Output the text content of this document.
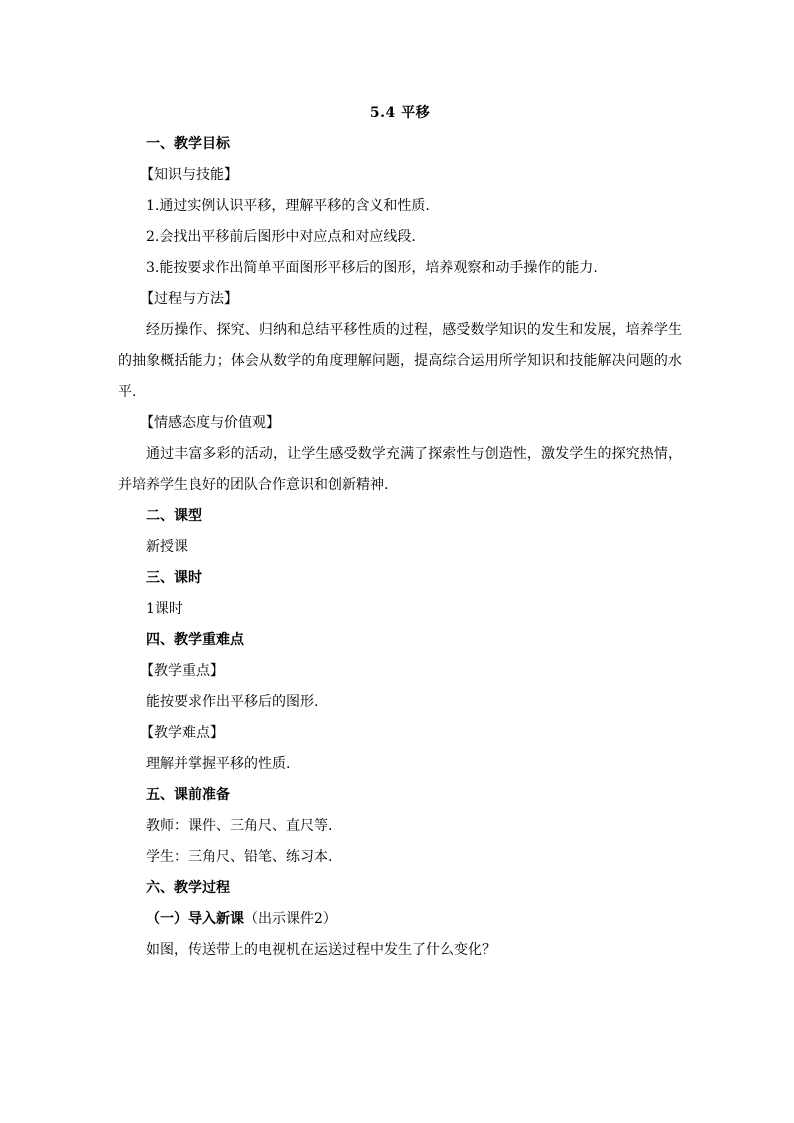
5.4 平移

一、教学目标

【知识与技能】

1.通过实例认识平移，理解平移的含义和性质.

2.会找出平移前后图形中对应点和对应线段.

3.能按要求作出简单平面图形平移后的图形，培养观察和动手操作的能力.

【过程与方法】

经历操作、探究、归纳和总结平移性质的过程，感受数学知识的发生和发展，培养学生的抽象概括能力；体会从数学的角度理解问题，提高综合运用所学知识和技能解决问题的水平.

【情感态度与价值观】

通过丰富多彩的活动，让学生感受数学充满了探索性与创造性，激发学生的探究热情，并培养学生良好的团队合作意识和创新精神.

二、课型

新授课

三、课时

1课时

四、教学重难点

【教学重点】

能按要求作出平移后的图形.

【教学难点】

理解并掌握平移的性质.

五、课前准备

教师：课件、三角尺、直尺等.

学生：三角尺、铅笔、练习本.

六、教学过程

（一）导入新课（出示课件2）

如图，传送带上的电视机在运送过程中发生了什么变化？
